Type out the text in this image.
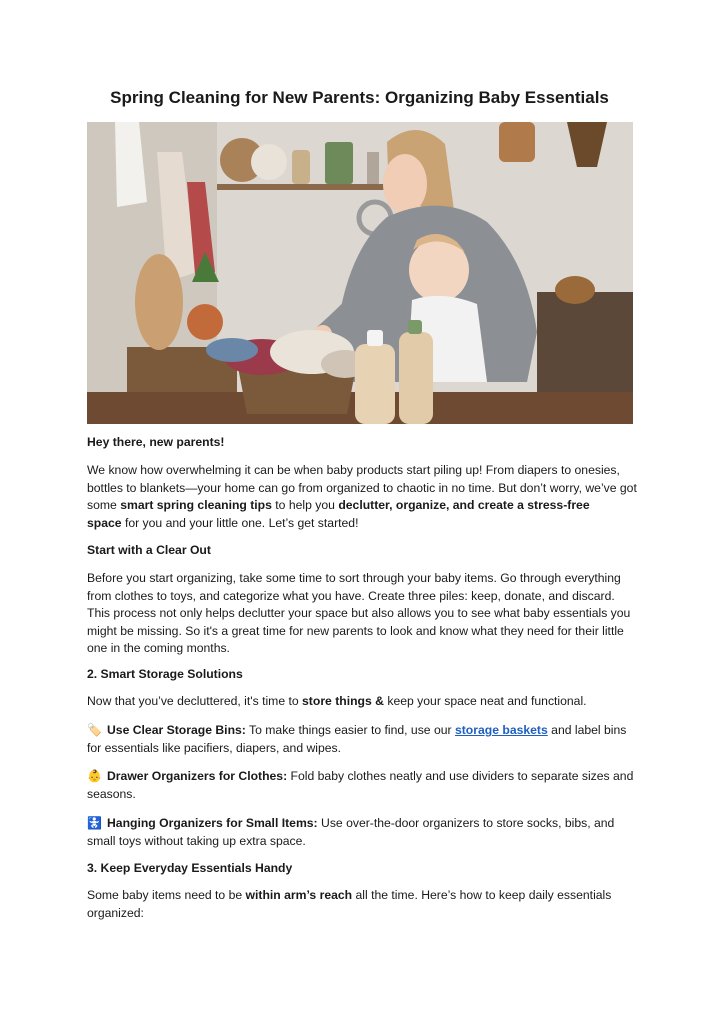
Spring Cleaning for New Parents: Organizing Baby Essentials

Hey there, new parents!

We know how overwhelming it can be when baby products start piling up! From diapers to onesies, bottles to blankets—your home can go from organized to chaotic in no time. But don’t worry, we’ve got some smart spring cleaning tips to help you declutter, organize, and create a stress-free
space for you and your little one. Let’s get started!

Start with a Clear Out

Before you start organizing, take some time to sort through your baby items. Go through everything from clothes to toys, and categorize what you have. Create three piles: keep, donate, and discard. This process not only helps declutter your space but also allows you to see what baby essentials you might be missing. So it's a great time for new parents to look and know what they need for their little one in the coming months.

2. Smart Storage Solutions

Now that you’ve decluttered, it's time to store things & keep your space neat and functional.

🏷️ Use Clear Storage Bins: To make things easier to find, use our storage baskets and label bins for essentials like pacifiers, diapers, and wipes.

👶 Drawer Organizers for Clothes: Fold baby clothes neatly and use dividers to separate sizes and seasons.

🚼 Hanging Organizers for Small Items: Use over-the-door organizers to store socks, bibs, and small toys without taking up extra space.

3. Keep Everyday Essentials Handy

Some baby items need to be within arm’s reach all the time. Here’s how to keep daily essentials organized:
